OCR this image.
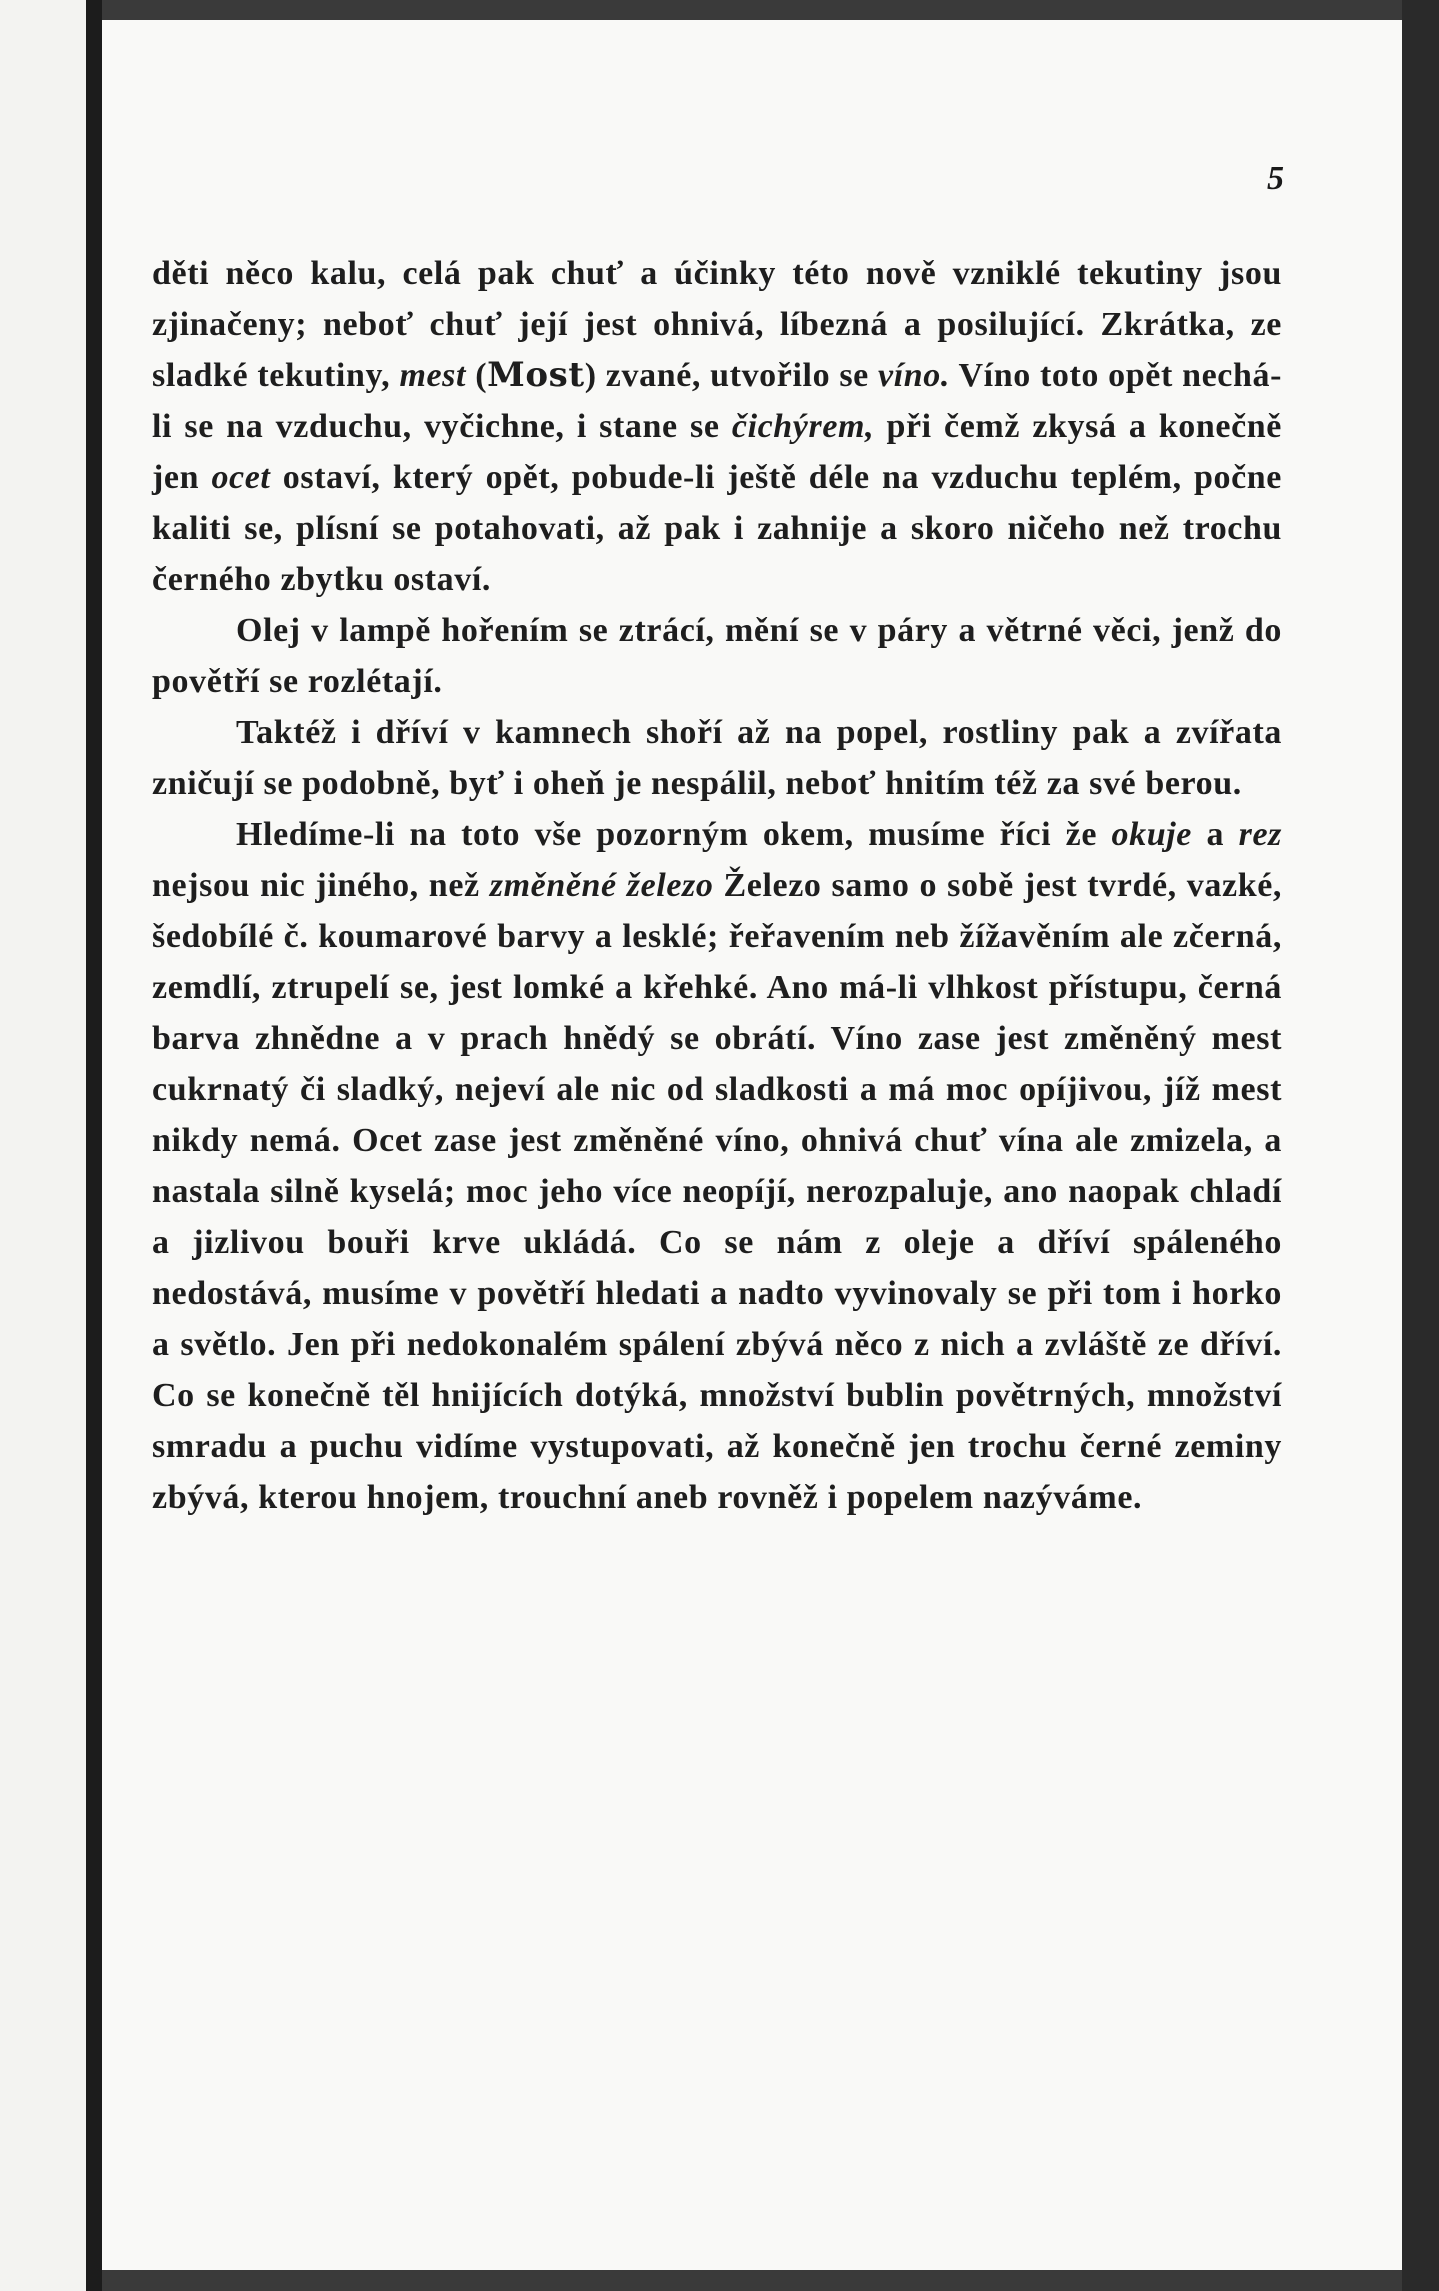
5

děti něco kalu, celá pak chuť a účinky této nově vzniklé tekutiny jsou zjinačeny; neboť chuť její jest ohnivá, líbezná a posilující. Zkrátka, ze sladké tekutiny, mest (Most) zvané, utvořilo se víno. Víno toto opět nechá-li se na vzduchu, vyčichne, i stane se čichýrem, při čemž zkysá a konečně jen ocet ostaví, který opět, pobude-li ještě déle na vzduchu teplém, počne kaliti se, plísní se potahovati, až pak i zahnije a skoro ničeho než trochu černého zbytku ostaví.

Olej v lampě hořením se ztrácí, mění se v páry a větrné věci, jenž do povětří se rozlétají.

Taktéž i dříví v kamnech shoří až na popel, rostliny pak a zvířata zničují se podobně, byť i oheň je nespálil, neboť hnitím též za své berou.

Hledíme-li na toto vše pozorným okem, musíme říci že okuje a rez nejsou nic jiného, než změněné železo Železo samo o sobě jest tvrdé, vazké, šedobílé č. koumarové barvy a lesklé; řeřavením neb žížavěním ale zčerná, zemdlí, ztrupelí se, jest lomké a křehké. Ano má-li vlhkost přístupu, černá barva zhnědne a v prach hnědý se obrátí. Víno zase jest změněný mest cukrnatý či sladký, nejeví ale nic od sladkosti a má moc opíjivou, jíž mest nikdy nemá. Ocet zase jest změněné víno, ohnivá chuť vína ale zmizela, a nastala silně kyselá; moc jeho více neopíjí, nerozpaluje, ano naopak chladí a jizlivou bouři krve ukládá. Co se nám z oleje a dříví spáleného nedostává, musíme v povětří hledati a nadto vyvinovaly se při tom i horko a světlo. Jen při nedokonalém spálení zbývá něco z nich a zvláště ze dříví. Co se konečně těl hnijících dotýká, množství bublin povětrných, množství smradu a puchu vidíme vystupovati, až konečně jen trochu černé zeminy zbývá, kterou hnojem, trouchní aneb rovněž i popelem nazýváme.
